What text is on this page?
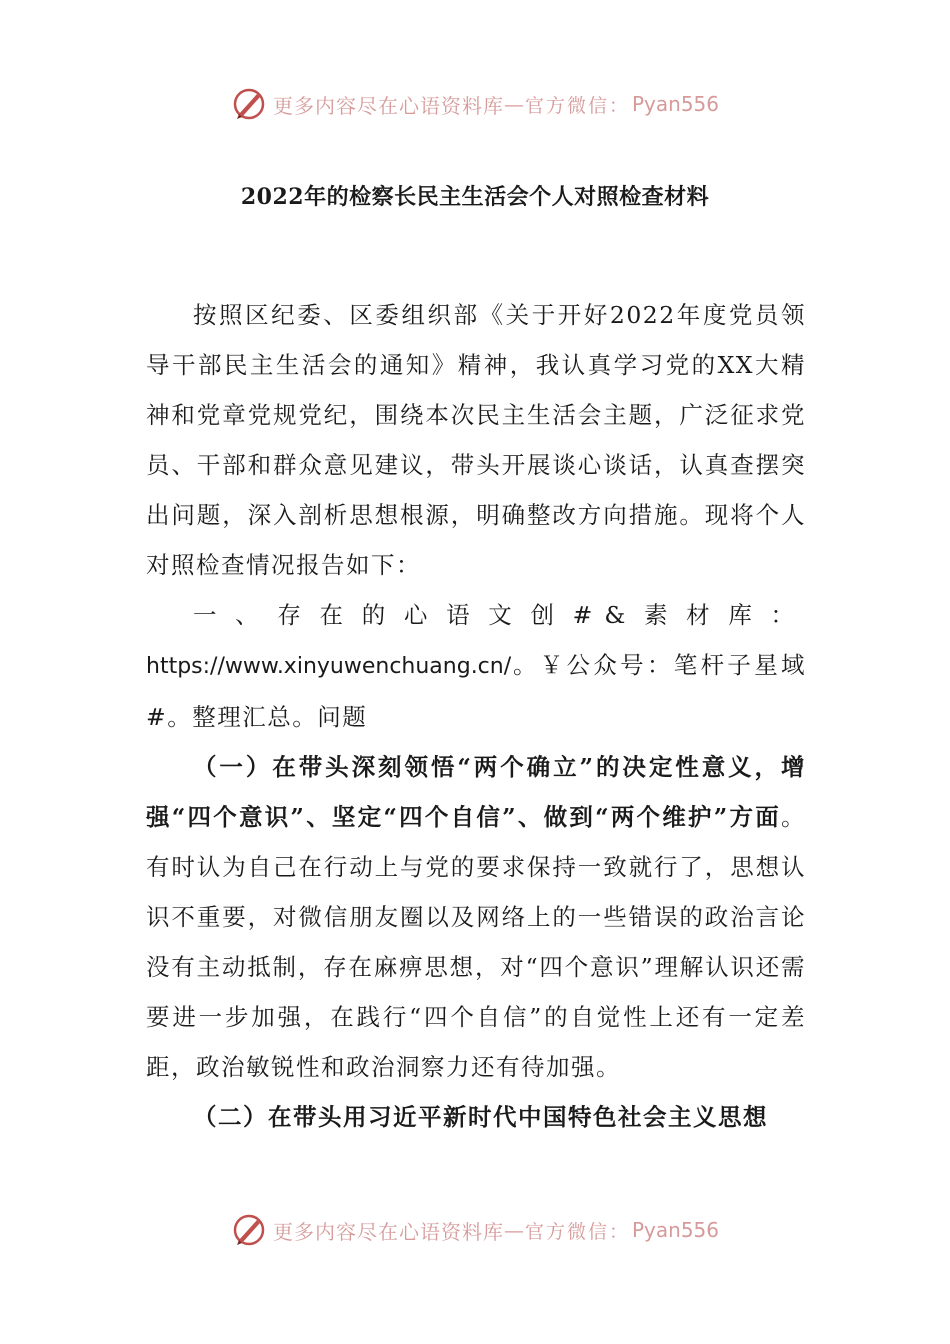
更多内容尽在心语资料库 — 官方微信： Pyan556
2022年的检察长民主生活会个人对照检查材料

按照区纪委、区委组织部《关于开好2022年度党员领导干部民主生活会的通知》精神，我认真学习党的XX大精神和党章党规党纪，围绕本次民主生活会主题，广泛征求党员、干部和群众意见建议，带头开展谈心谈话，认真查摆突出问题，深入剖析思想根源，明确整改方向措施。现将个人对照检查情况报告如下：

一、存在的心语文创#&素材库：https://www.xinyuwenchuang.cn/。￥公众号：笔杆子星域#。整理汇总。问题

（一）在带头深刻领悟“两个确立”的决定性意义，增强“四个意识”、坚定“四个自信”、做到“两个维护”方面。有时认为自己在行动上与党的要求保持一致就行了，思想认识不重要，对微信朋友圈以及网络上的一些错误的政治言论没有主动抵制，存在麻痹思想，对“四个意识”理解认识还需要进一步加强，在践行“四个自信”的自觉性上还有一定差距，政治敏锐性和政治洞察力还有待加强。

（二）在带头用习近平新时代中国特色社会主义思想

更多内容尽在心语资料库 — 官方微信： Pyan556
